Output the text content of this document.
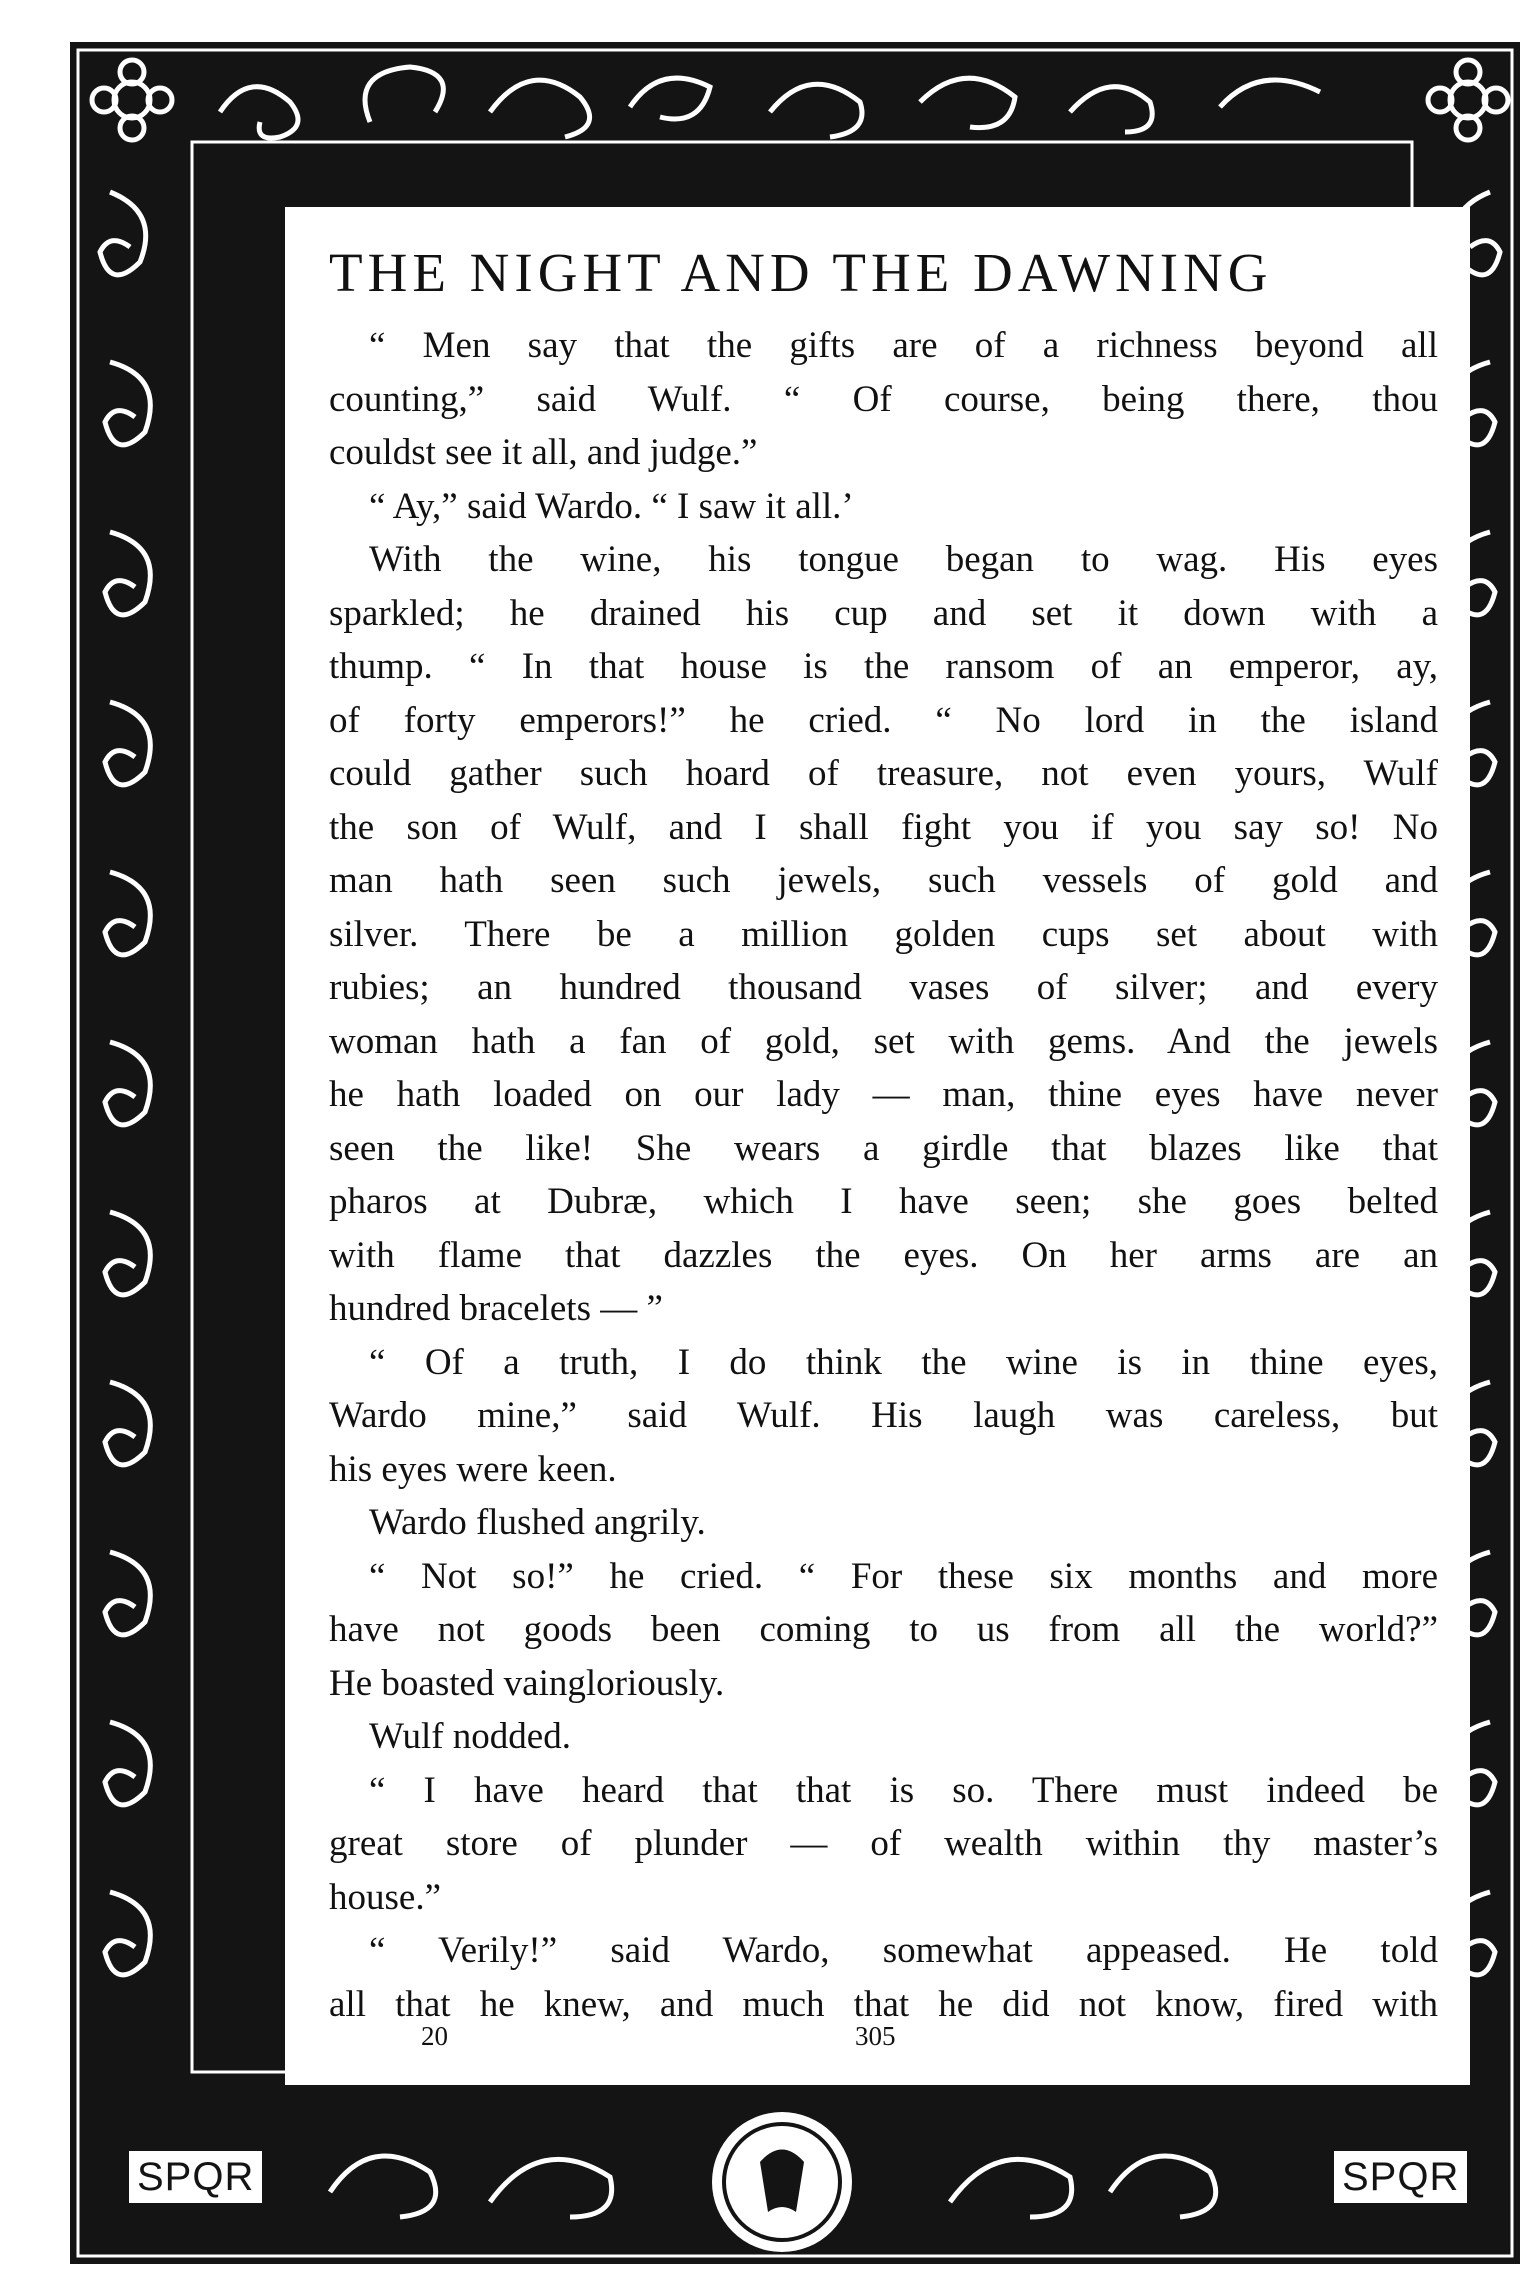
SPQR	SPQR
THE NIGHT AND THE DAWNING
“ Men say that the gifts are of a richness beyond all
counting,” said Wulf. “ Of course, being there, thou
couldst see it all, and judge.”
“ Ay,” said Wardo. “ I saw it all.’
With the wine, his tongue began to wag. His eyes
sparkled; he drained his cup and set it down with a
thump. “ In that house is the ransom of an emperor, ay,
of forty emperors!” he cried. “ No lord in the island
could gather such hoard of treasure, not even yours, Wulf
the son of Wulf, and I shall fight you if you say so! No
man hath seen such jewels, such vessels of gold and
silver. There be a million golden cups set about with
rubies; an hundred thousand vases of silver; and every
woman hath a fan of gold, set with gems. And the jewels
he hath loaded on our lady — man, thine eyes have never
seen the like! She wears a girdle that blazes like that
pharos at Dubræ, which I have seen; she goes belted
with flame that dazzles the eyes. On her arms are an
hundred bracelets — ”
“ Of a truth, I do think the wine is in thine eyes,
Wardo mine,” said Wulf. His laugh was careless, but
his eyes were keen.
Wardo flushed angrily.
“ Not so!” he cried. “ For these six months and more
have not goods been coming to us from all the world?”
He boasted vaingloriously.
Wulf nodded.
“ I have heard that that is so. There must indeed be
great store of plunder — of wealth within thy master’s
house.”
“ Verily!” said Wardo, somewhat appeased. He told
all that he knew, and much that he did not know, fired with
20	305
